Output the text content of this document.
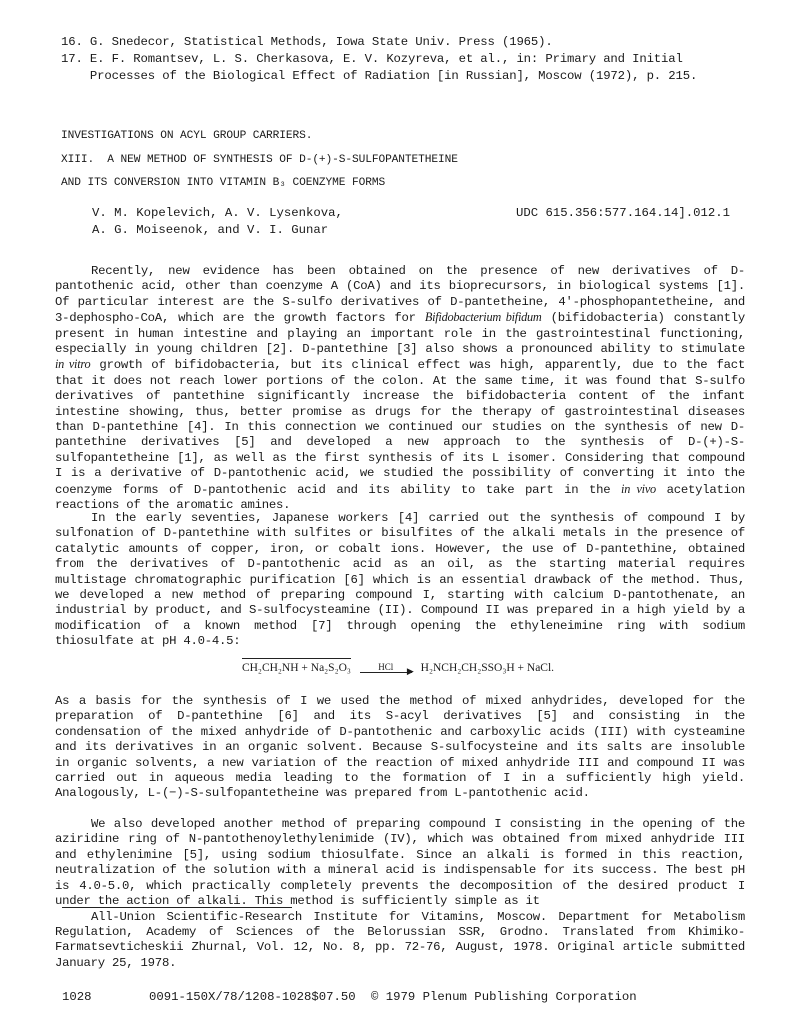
16. G. Snedecor, Statistical Methods, Iowa State Univ. Press (1965).
17. E. F. Romantsev, L. S. Cherkasova, E. V. Kozyreva, et al., in: Primary and Initial
Processes of the Biological Effect of Radiation [in Russian], Moscow (1972), p. 215.
INVESTIGATIONS ON ACYL GROUP CARRIERS.
XIII.  A NEW METHOD OF SYNTHESIS OF D-(+)-S-SULFOPANTETHEINE
AND ITS CONVERSION INTO VITAMIN B₃ COENZYME FORMS
V. M. Kopelevich, A. V. Lysenkova,
A. G. Moiseenok, and V. I. Gunar
UDC 615.356:577.164.14].012.1
Recently, new evidence has been obtained on the presence of new derivatives of D-pantothenic acid, other than coenzyme A (CoA) and its bioprecursors, in biological systems [1]. Of particular interest are the S-sulfo derivatives of D-pantetheine, 4'-phosphopantetheine, and 3-dephospho-CoA, which are the growth factors for Bifidobacterium bifidum (bifidobacteria) constantly present in human intestine and playing an important role in the gastrointestinal functioning, especially in young children [2]. D-pantethine [3] also shows a pronounced ability to stimulate in vitro growth of bifidobacteria, but its clinical effect was high, apparently, due to the fact that it does not reach lower portions of the colon. At the same time, it was found that S-sulfo derivatives of pantethine significantly increase the bifidobacteria content of the infant intestine showing, thus, better promise as drugs for the therapy of gastrointestinal diseases than D-pantethine [4]. In this connection we continued our studies on the synthesis of new D-pantethine derivatives [5] and developed a new approach to the synthesis of D-(+)-S-sulfopantetheine [1], as well as the first synthesis of its L isomer. Considering that compound I is a derivative of D-pantothenic acid, we studied the possibility of converting it into the coenzyme forms of D-pantothenic acid and its ability to take part in the in vivo acetylation reactions of the aromatic amines.
In the early seventies, Japanese workers [4] carried out the synthesis of compound I by sulfonation of D-pantethine with sulfites or bisulfites of the alkali metals in the presence of catalytic amounts of copper, iron, or cobalt ions. However, the use of D-pantethine, obtained from the derivatives of D-pantothenic acid as an oil, as the starting material requires multistage chromatographic purification [6] which is an essential drawback of the method. Thus, we developed a new method of preparing compound I, starting with calcium D-pantothenate, an industrial by product, and S-sulfocysteamine (II). Compound II was prepared in a high yield by a modification of a known method [7] through opening the ethyleneimine ring with sodium thiosulfate at pH 4.0-4.5:
CH₂CH₂NH + Na₂S₂O₃	HCl	▶ H₂NCH₂CH₂SSO₃H + NaCl.
As a basis for the synthesis of I we used the method of mixed anhydrides, developed for the preparation of D-pantethine [6] and its S-acyl derivatives [5] and consisting in the condensation of the mixed anhydride of D-pantothenic and carboxylic acids (III) with cysteamine and its derivatives in an organic solvent. Because S-sulfocysteine and its salts are insoluble in organic solvents, a new variation of the reaction of mixed anhydride III and compound II was carried out in aqueous media leading to the formation of I in a sufficiently high yield. Analogously, L-(−)-S-sulfopantetheine was prepared from L-pantothenic acid.
We also developed another method of preparing compound I consisting in the opening of the aziridine ring of N-pantothenoylethylenimide (IV), which was obtained from mixed anhydride III and ethylenimine [5], using sodium thiosulfate. Since an alkali is formed in this reaction, neutralization of the solution with a mineral acid is indispensable for its success. The best pH is 4.0-5.0, which practically completely prevents the decomposition of the desired product I under the action of alkali. This method is sufficiently simple as it
All-Union Scientific-Research Institute for Vitamins, Moscow. Department for Metabolism Regulation, Academy of Sciences of the Belorussian SSR, Grodno. Translated from Khimiko-Farmatsevticheskii Zhurnal, Vol. 12, No. 8, pp. 72-76, August, 1978. Original article submitted January 25, 1978.
1028	0091-150X/78/1208-1028$07.50 © 1979 Plenum Publishing Corporation
